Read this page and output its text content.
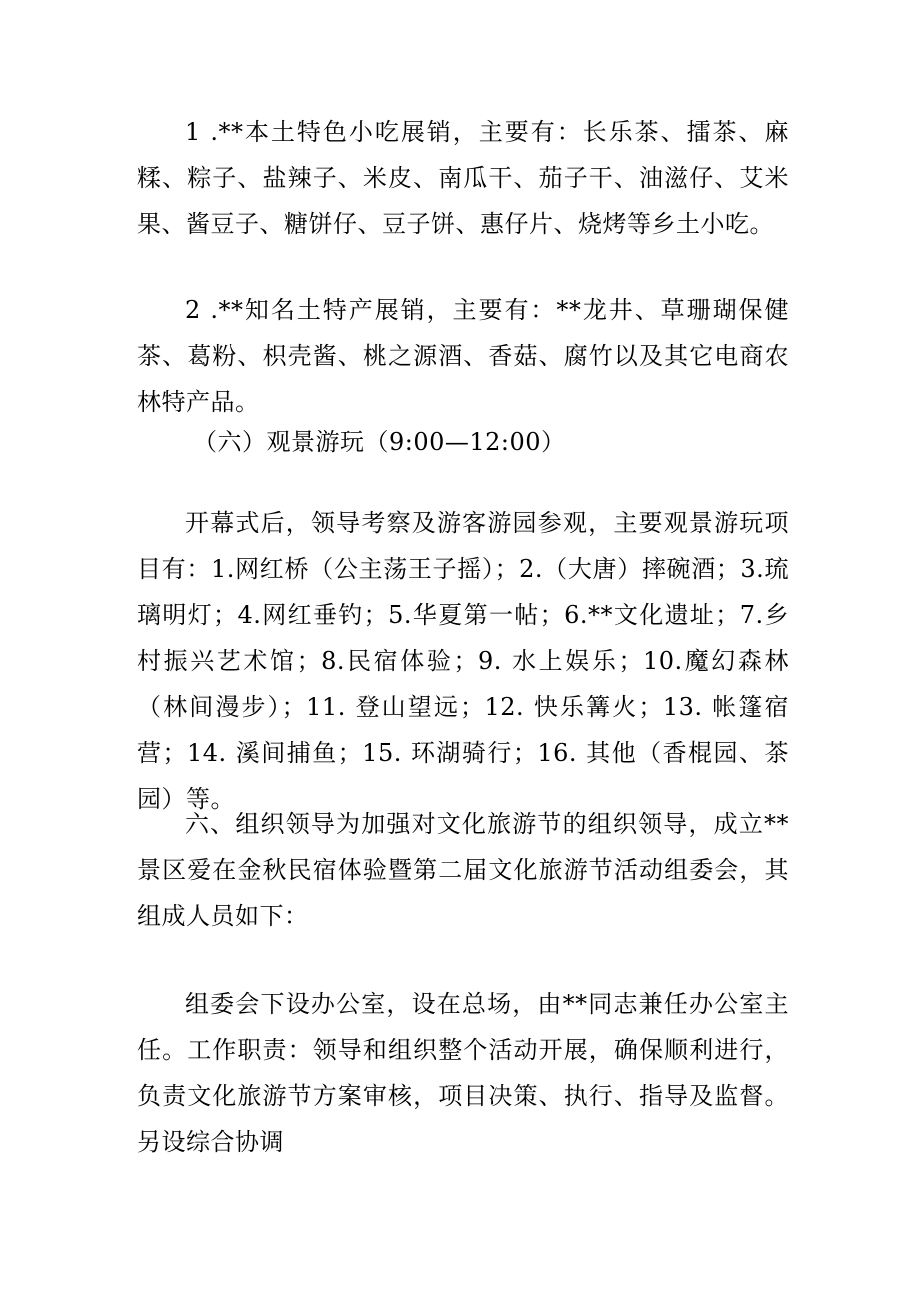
1 .**本土特色小吃展销，主要有：长乐茶、擂茶、麻糅、粽子、盐辣子、米皮、南瓜干、茄子干、油滋仔、艾米果、酱豆子、糖饼仔、豆子饼、惠仔片、烧烤等乡土小吃。

2 .**知名土特产展销，主要有：**龙井、草珊瑚保健茶、葛粉、枳壳酱、桃之源酒、香菇、腐竹以及其它电商农林特产品。

（六）观景游玩（9:00—12:00）

开幕式后，领导考察及游客游园参观，主要观景游玩项目有：1.网红桥（公主荡王子摇）；2.（大唐）摔碗酒；3.琉璃明灯；4.网红垂钓；5.华夏第一帖；6.**文化遗址；7.乡村振兴艺术馆；8.民宿体验；9. 水上娱乐；10.魔幻森林（林间漫步）；11. 登山望远；12. 快乐篝火；13. 帐篷宿营；14. 溪间捕鱼；15. 环湖骑行；16. 其他（香棍园、茶园）等。

六、组织领导为加强对文化旅游节的组织领导，成立**景区爱在金秋民宿体验暨第二届文化旅游节活动组委会，其组成人员如下：

组委会下设办公室，设在总场，由**同志兼任办公室主任。工作职责：领导和组织整个活动开展，确保顺利进行，负责文化旅游节方案审核，项目决策、执行、指导及监督。另设综合协调
